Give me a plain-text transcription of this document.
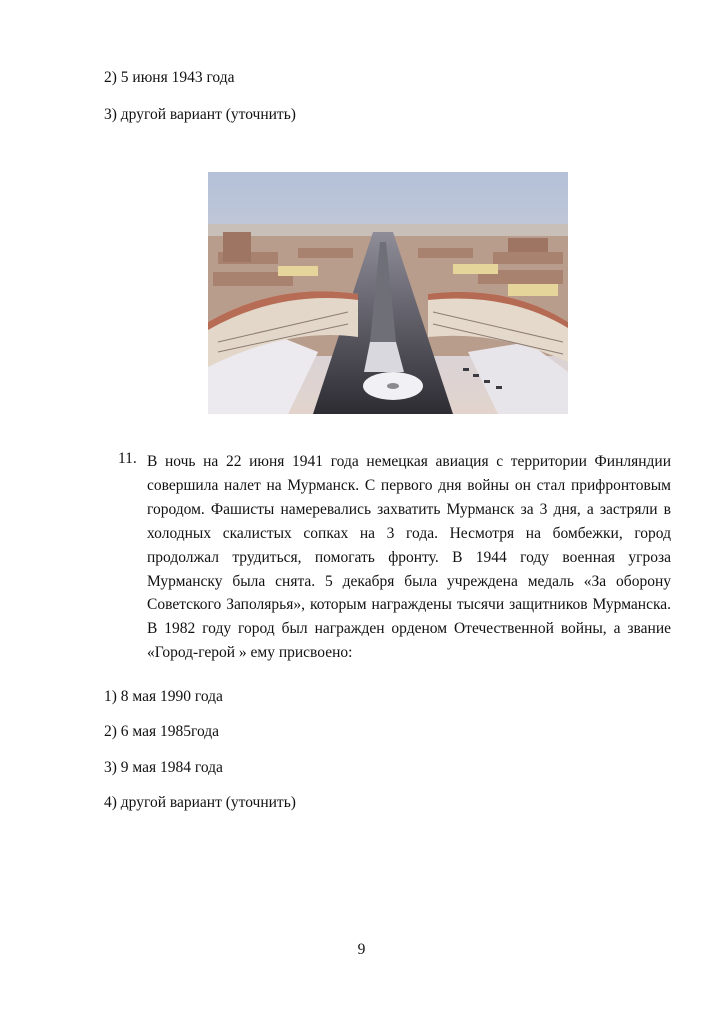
2) 5 июня 1943 года
3) другой вариант (уточнить)
11. В ночь на 22 июня 1941 года немецкая авиация с территории Финляндии совершила налет на Мурманск. С первого дня войны он стал прифронтовым городом. Фашисты намеревались захватить Мурманск за 3 дня, а застряли в холодных скалистых сопках на 3 года. Несмотря на бомбежки, город продолжал трудиться, помогать фронту. В 1944 году военная угроза Мурманску была снята. 5 декабря была учреждена медаль «За оборону Советского Заполярья», которым награждены тысячи защитников Мурманска. В 1982 году город был награжден орденом Отечественной войны, а звание «Город-герой » ему присвоено:
1) 8 мая 1990 года
2) 6 мая 1985года
3) 9 мая 1984 года
4) другой вариант (уточнить)
9
